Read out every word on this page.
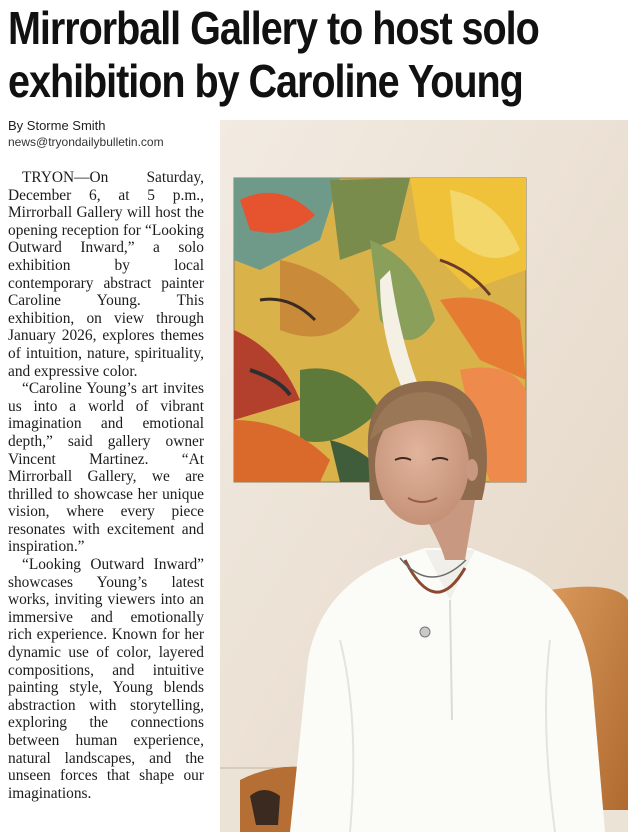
Mirrorball Gallery to host solo
exhibition by Caroline Young
By Storme Smith
news@tryondailybulletin.com

TRYON—On Saturday, December 6, at 5 p.m., Mirrorball Gallery will host the opening reception for “Looking Outward Inward,” a solo exhibition by local contemporary abstract painter Caroline Young. This exhibition, on view through January 2026, explores themes of intuition, nature, spirituality, and expressive color.

“Caroline Young’s art invites us into a world of vibrant imagination and emotional depth,” said gallery owner Vincent Martinez. “At Mirrorball Gallery, we are thrilled to showcase her unique vision, where every piece resonates with excitement and inspiration.”

“Looking Outward Inward” showcases Young’s latest works, inviting viewers into an immersive and emotionally rich experience. Known for her dynamic use of color, layered compositions, and intuitive painting style, Young blends abstraction with storytelling, exploring the connections between human experience, natural landscapes, and the unseen forces that shape our imaginations.
